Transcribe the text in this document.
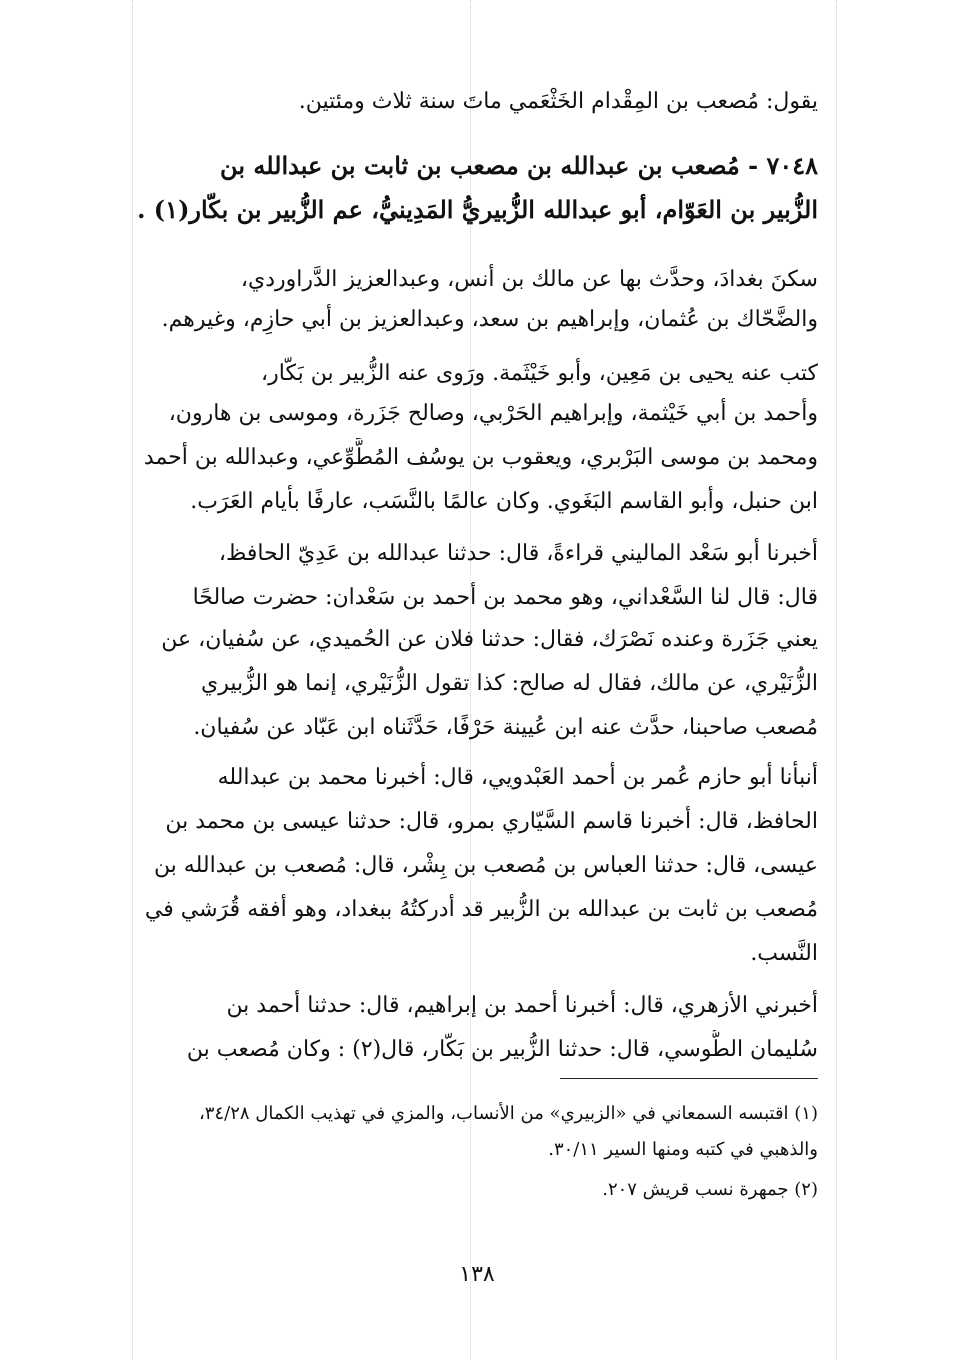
يقول: مُصعب بن المِقْدام الخَثْعَمي ماتَ سنة ثلاث ومئتين.
٧٠٤٨ - مُصعب بن عبدالله بن مصعب بن ثابت بن عبدالله بن
الزُّبير بن العَوّام، أبو عبدالله الزُّبيريُّ المَدِينيُّ، عم الزُّبير بن بكّار(١) .
سكنَ بغدادَ، وحدَّث بها عن مالك بن أنس، وعبدالعزيز الدَّراوردي،
والضَّحّاك بن عُثمان، وإبراهيم بن سعد، وعبدالعزيز بن أبي حازِم، وغيرهم.
كتب عنه يحيى بن مَعِين، وأبو خَيْثَمة. ورَوى عنه الزُّبير بن بَكّار،
وأحمد بن أبي خَيْثمة، وإبراهيم الحَرْبي، وصالح جَزَرة، وموسى بن هارون،
ومحمد بن موسى البَرْبري، ويعقوب بن يوسُف المُطَّوِّعي، وعبدالله بن أحمد
ابن حنبل، وأبو القاسم البَغَوي. وكان عالمًا بالنَّسَب، عارفًا بأيام العَرَب.
أخبرنا أبو سَعْد الماليني قراءةً، قال: حدثنا عبدالله بن عَدِيّ الحافظ،
قال: قال لنا السَّعْداني، وهو محمد بن أحمد بن سَعْدان: حضرت صالحًا
يعني جَزَرة وعنده نَصْرَك، فقال: حدثنا فلان عن الحُميدي، عن سُفيان، عن
الزُّنَيْري، عن مالك، فقال له صالح: كذا تقول الزُّنَيْري، إنما هو الزُّبيري
مُصعب صاحبنا، حدَّث عنه ابن عُيينة حَرْفًا، حَدَّثَناه ابن عَبّاد عن سُفيان.
أنبأنا أبو حازم عُمر بن أحمد العَبْدويي، قال: أخبرنا محمد بن عبدالله
الحافظ، قال: أخبرنا قاسم السَّيّاري بمرو، قال: حدثنا عيسى بن محمد بن
عيسى، قال: حدثنا العباس بن مُصعب بن بِشْر، قال: مُصعب بن عبدالله بن
مُصعب بن ثابت بن عبدالله بن الزُّبير قد أدركتُهُ ببغداد، وهو أفقه قُرَشي في
النَّسب.
أخبرني الأزهري، قال: أخبرنا أحمد بن إبراهيم، قال: حدثنا أحمد بن
سُليمان الطُّوسي، قال: حدثنا الزُّبير بن بَكّار، قال(٢) : وكان مُصعب بن
(١) اقتبسه السمعاني في «الزبيري» من الأنساب، والمزي في تهذيب الكمال ٣٤/٢٨،
والذهبي في كتبه ومنها السير ٣٠/١١.
(٢) جمهرة نسب قريش ٢٠٧.
١٣٨
